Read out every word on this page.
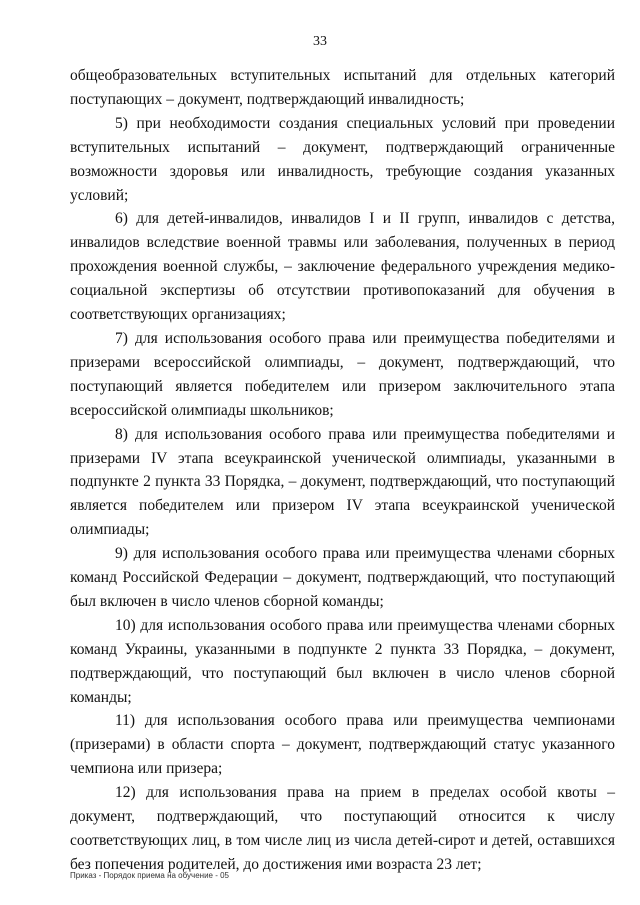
33

общеобразовательных вступительных испытаний для отдельных категорий поступающих – документ, подтверждающий инвалидность;

5) при необходимости создания специальных условий при проведении вступительных испытаний – документ, подтверждающий ограниченные возможности здоровья или инвалидность, требующие создания указанных условий;

6) для детей-инвалидов, инвалидов I и II групп, инвалидов с детства, инвалидов вследствие военной травмы или заболевания, полученных в период прохождения военной службы, – заключение федерального учреждения медико-социальной экспертизы об отсутствии противопоказаний для обучения в соответствующих организациях;

7) для использования особого права или преимущества победителями и призерами всероссийской олимпиады, – документ, подтверждающий, что поступающий является победителем или призером заключительного этапа всероссийской олимпиады школьников;

8) для использования особого права или преимущества победителями и призерами IV этапа всеукраинской ученической олимпиады, указанными в подпункте 2 пункта 33 Порядка, – документ, подтверждающий, что поступающий является победителем или призером IV этапа всеукраинской ученической олимпиады;

9) для использования особого права или преимущества членами сборных команд Российской Федерации – документ, подтверждающий, что поступающий был включен в число членов сборной команды;

10) для использования особого права или преимущества членами сборных команд Украины, указанными в подпункте 2 пункта 33 Порядка, – документ, подтверждающий, что поступающий был включен в число членов сборной команды;

11) для использования особого права или преимущества чемпионами (призерами) в области спорта – документ, подтверждающий статус указанного чемпиона или призера;

12) для использования права на прием в пределах особой квоты – документ, подтверждающий, что поступающий относится к числу соответствующих лиц, в том числе лиц из числа детей-сирот и детей, оставшихся без попечения родителей, до достижения ими возраста 23 лет;

Приказ - Порядок приема на обучение - 05
